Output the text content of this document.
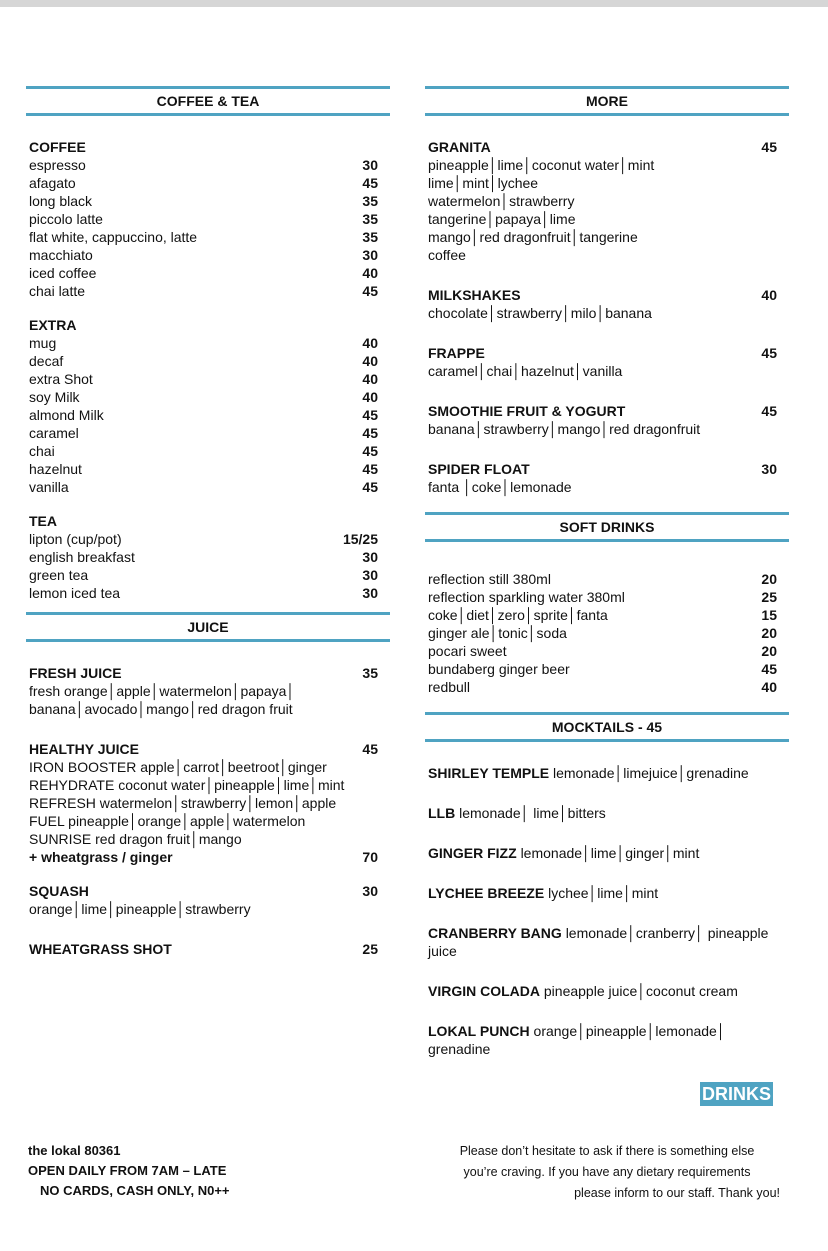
COFFEE & TEA
COFFEE
espresso	30
afagato	45
long black	35
piccolo latte	35
flat white, cappuccino, latte	35
macchiato	30
iced coffee	40
chai latte	45
EXTRA
mug	40
decaf	40
extra Shot	40
soy Milk	40
almond Milk	45
caramel	45
chai	45
hazelnut	45
vanilla	45
TEA
lipton (cup/pot)	15/25
english breakfast	30
green tea	30
lemon iced tea	30
JUICE
FRESH JUICE	35
fresh orange│apple│watermelon│papaya│
banana│avocado│mango│red dragon fruit
HEALTHY JUICE	45
IRON BOOSTER apple│carrot│beetroot│ginger
REHYDRATE coconut water│pineapple│lime│mint
REFRESH watermelon│strawberry│lemon│apple
FUEL pineapple│orange│apple│watermelon
SUNRISE red dragon fruit│mango
+ wheatgrass / ginger	70
SQUASH	30
orange│lime│pineapple│strawberry
WHEATGRASS SHOT	25
MORE
GRANITA	45
pineapple│lime│coconut water│mint
lime│mint│lychee
watermelon│strawberry
tangerine│papaya│lime
mango│red dragonfruit│tangerine
coffee
MILKSHAKES	40
chocolate│strawberry│milo│banana
FRAPPE	45
caramel│chai│hazelnut│vanilla
SMOOTHIE FRUIT & YOGURT	45
banana│strawberry│mango│red dragonfruit
SPIDER FLOAT	30
fanta │coke│lemonade
SOFT DRINKS
reflection still 380ml	20
reflection sparkling water 380ml	25
coke│diet│zero│sprite│fanta	15
ginger ale│tonic│soda	20
pocari sweet	20
bundaberg ginger beer	45
redbull	40
MOCKTAILS - 45
SHIRLEY TEMPLE lemonade│limejuice│grenadine
LLB lemonade│ lime│bitters
GINGER FIZZ lemonade│lime│ginger│mint
LYCHEE BREEZE lychee│lime│mint
CRANBERRY BANG lemonade│cranberry│ pineapple juice
VIRGIN COLADA pineapple juice│coconut cream
LOKAL PUNCH orange│pineapple│lemonade│ grenadine
DRINKS
the lokal 80361
OPEN DAILY FROM 7AM – LATE
NO CARDS, CASH ONLY, N0++
Please don’t hesitate to ask if there is something else
you’re craving. If you have any dietary requirements
please inform to our staff. Thank you!
